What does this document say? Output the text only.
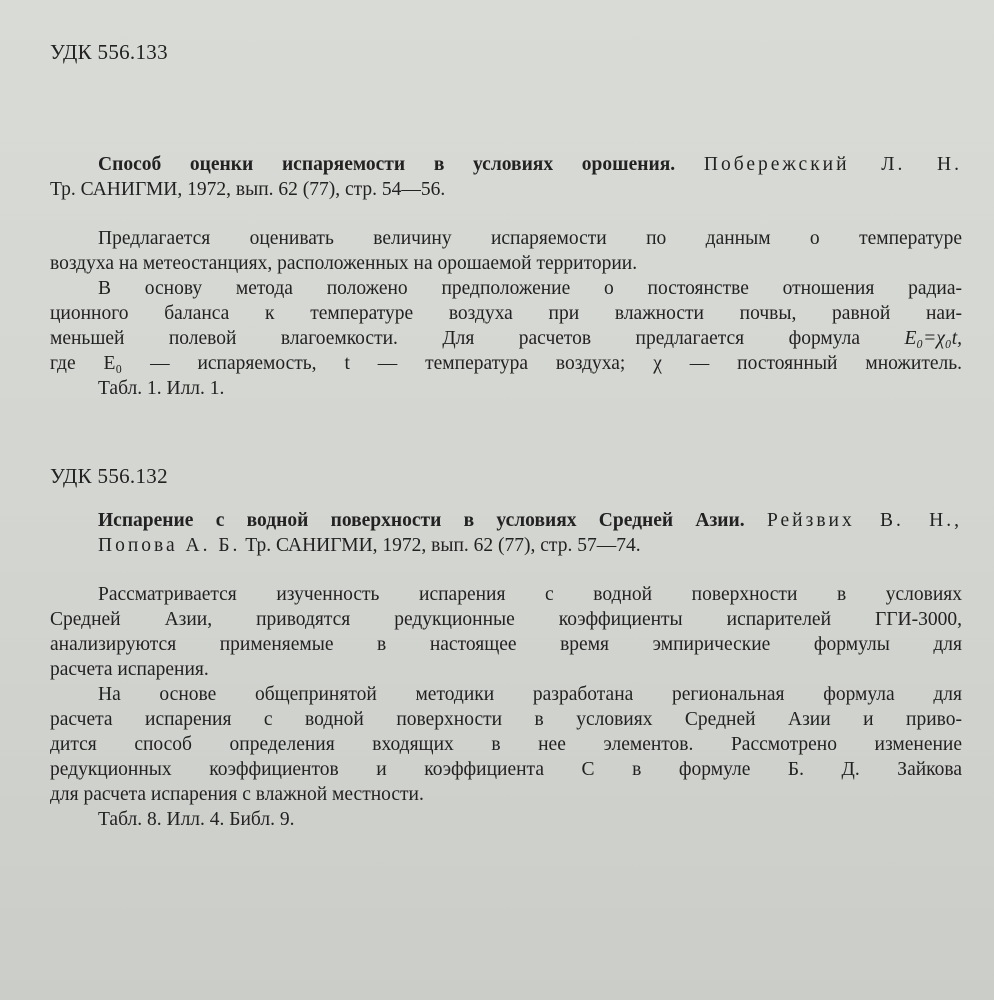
УДК 556.133
Способ оценки испаряемости в условиях орошения. Побережский Л. Н.
Тр. САНИГМИ, 1972, вып. 62 (77), стр. 54—56.
Предлагается оценивать величину испаряемости по данным о температуре
воздуха на метеостанциях, расположенных на орошаемой территории.
В основу метода положено предположение о постоянстве отношения радиа-
ционного баланса к температуре воздуха при влажности почвы, равной наи-
меньшей полевой влагоемкости. Для расчетов предлагается формула E₀=χ₀t,
где E₀ — испаряемость, t — температура воздуха; χ — постоянный множитель.
Табл. 1. Илл. 1.
УДК 556.132
Испарение с водной поверхности в условиях Средней Азии. Рейзвих В. Н.,
Попова А. Б. Тр. САНИГМИ, 1972, вып. 62 (77), стр. 57—74.
Рассматривается изученность испарения с водной поверхности в условиях
Средней Азии, приводятся редукционные коэффициенты испарителей ГГИ-3000,
анализируются применяемые в настоящее время эмпирические формулы для
расчета испарения.
На основе общепринятой методики разработана региональная формула для
расчета испарения с водной поверхности в условиях Средней Азии и приво-
дится способ определения входящих в нее элементов. Рассмотрено изменение
редукционных коэффициентов и коэффициента C в формуле Б. Д. Зайкова
для расчета испарения с влажной местности.
Табл. 8. Илл. 4. Библ. 9.
